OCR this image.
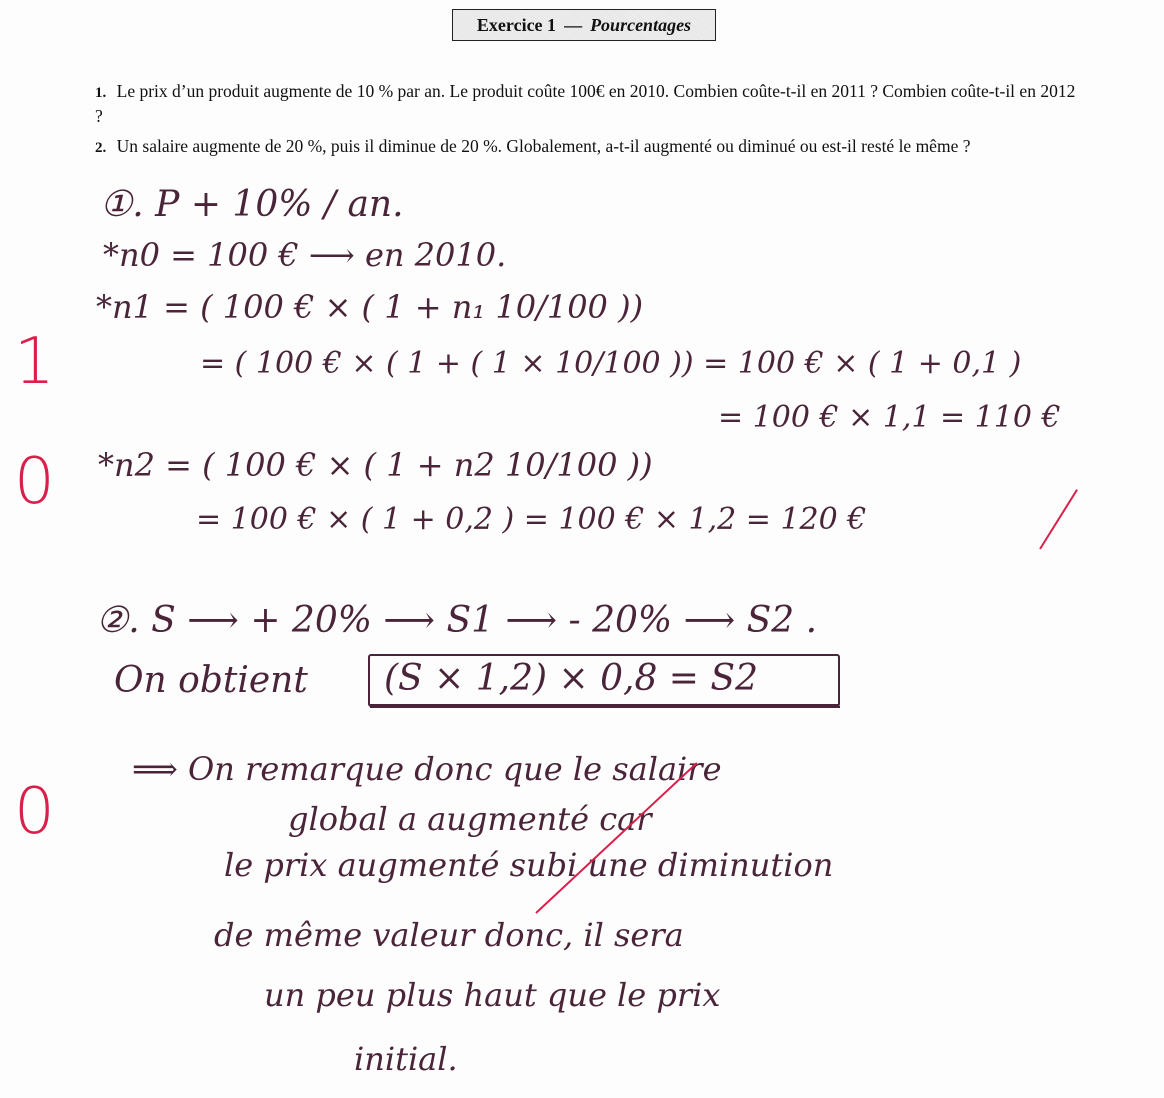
Exercice 1 — Pourcentages
1. Le prix d’un produit augmente de 10 % par an. Le produit coûte 100€ en 2010. Combien coûte-t-il en 2011 ? Combien coûte-t-il en 2012 ?
2. Un salaire augmente de 20 %, puis il diminue de 20 %. Globalement, a-t-il augmenté ou diminué ou est-il resté le même ?
①. P + 10% / an.
*n0 = 100 € ⟶ en 2010.
*n1 = ( 100 € × ( 1 + n₁ 10/100 ))
= ( 100 € × ( 1 + ( 1 × 10/100 )) = 100 € × ( 1 + 0,1 )
= 100 € × 1,1 = 110 €
*n2 = ( 100 € × ( 1 + n2 10/100 ))
= 100 € × ( 1 + 0,2 ) = 100 € × 1,2 = 120 €
②. S ⟶ + 20% ⟶ S1 ⟶ - 20% ⟶ S2 .
On obtient (S × 1,2) × 0,8 = S2
⟹ On remarque donc que le salaire
global a augmenté car
le prix augmenté subi une diminution
de même valeur donc, il sera
un peu plus haut que le prix
initial.
1
0
0
